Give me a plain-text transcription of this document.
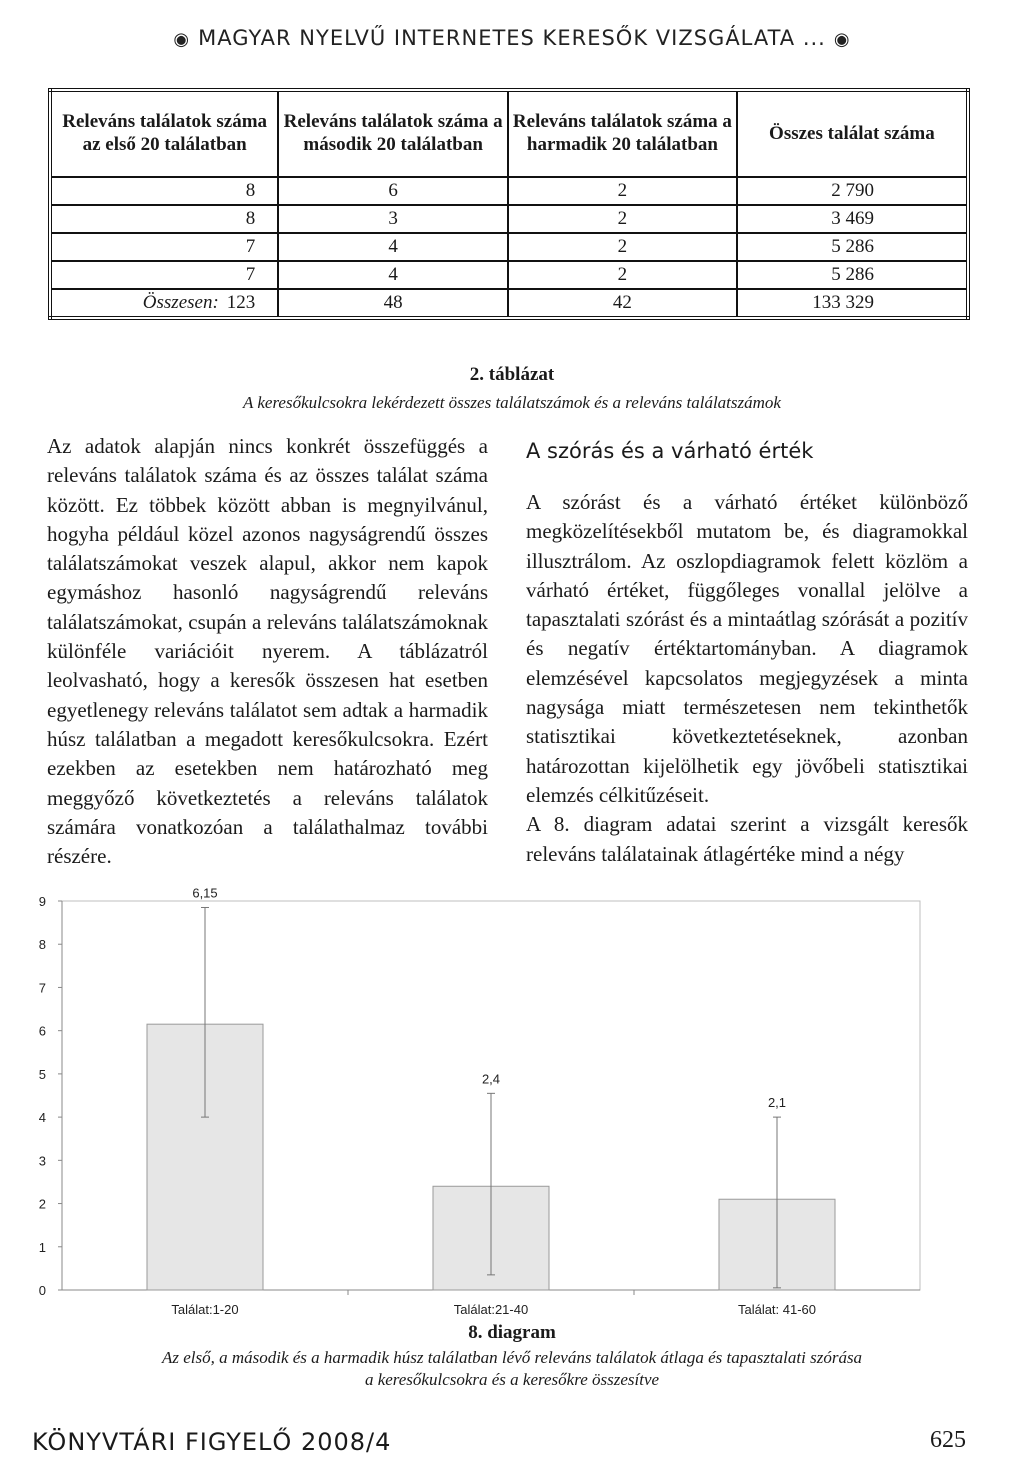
◉ MAGYAR NYELVŰ INTERNETES KERESŐK VIZSGÁLATA ... ◉
Releváns találatok száma az első 20 találatban	Releváns találatok száma a második 20 találatban	Releváns találatok száma a harmadik 20 találatban	Összes találat száma
8	6	2	2 790
8	3	2	3 469
7	4	2	5 286
7	4	2	5 286
Összesen: 123	48	42	133 329
2. táblázat
A keresőkulcsokra lekérdezett összes találatszámok és a releváns találatszámok

Az adatok alapján nincs konkrét összefüggés a releváns találatok száma és az összes találat száma között. Ez többek között abban is megnyilvánul, hogyha például közel azonos nagyságrendű összes találatszámokat veszek alapul, akkor nem kapok egymáshoz hasonló nagyságrendű releváns találatszámokat, csupán a releváns találatszámoknak különféle variációit nyerem. A táblázatról leolvasható, hogy a keresők összesen hat esetben egyetlenegy releváns találatot sem adtak a harmadik húsz találatban a megadott keresőkulcsokra. Ezért ezekben az esetekben nem határozható meg meggyőző következtetés a releváns találatok számára vonatkozóan a találathalmaz további részére.

A szórás és a várható érték

A szórást és a várható értéket különböző megközelítésekből mutatom be, és diagramokkal illusztrálom. Az oszlopdiagramok felett közlöm a várható értéket, függőleges vonallal jelölve a tapasztalati szórást és a mintaátlag szórását a pozitív és negatív értéktartományban. A diagramok elemzésével kapcsolatos megjegyzések a minta nagysága miatt természetesen nem tekinthetők statisztikai következtetéseknek, azonban határozottan kijelölhetik egy jövőbeli statisztikai elemzés célkitűzéseit.

A 8. diagram adatai szerint a vizsgált keresők releváns találatainak átlagértéke mind a négy

0
1
2
3
4
5
6
7
8
9
6,15
Találat:1-20
2,4
Találat:21-40
2,1
Találat: 41-60
8. diagram
Az első, a második és a harmadik húsz találatban lévő releváns találatok átlaga és tapasztalati szórása
a keresőkulcsokra és a keresőkre összesítve
KÖNYVTÁRI FIGYELŐ 2008/4	625
